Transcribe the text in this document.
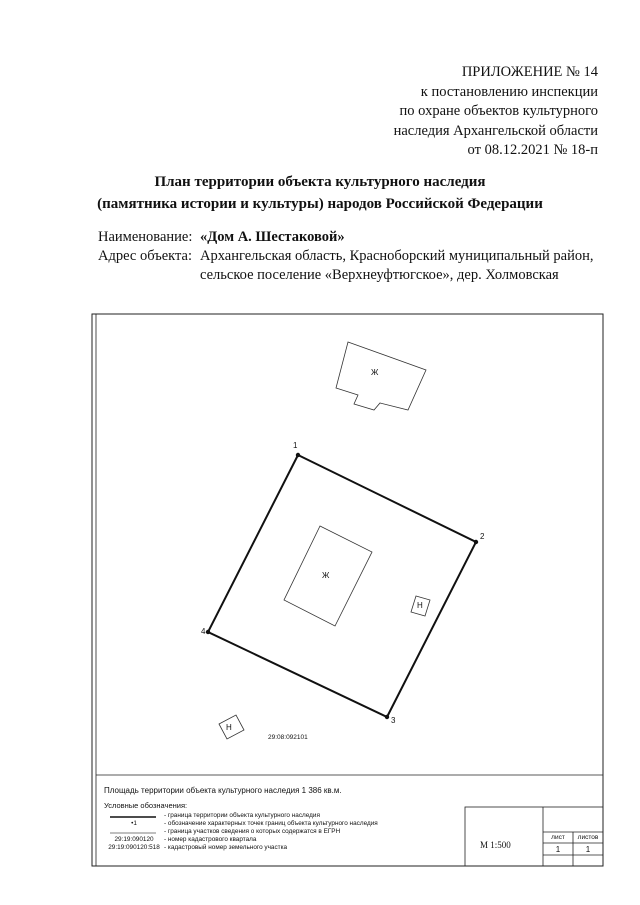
ПРИЛОЖЕНИЕ № 14
к постановлению инспекции
по охране объектов культурного
наследия Архангельской области
от 08.12.2021 № 18-п
План территории объекта культурного наследия
(памятника истории и культуры) народов Российской Федерации
Наименование: «Дом А. Шестаковой»
Адрес объекта: Архангельская область, Красноборский муниципальный район, сельское поселение «Верхнеуфтюгское», дер. Холмовская
1
2
3
4
Ж
Ж
Н
Н
29:08:092101
Площадь территории объекта культурного наследия 1 386 кв.м.
Условные обозначения:
- граница территории объекта культурного наследия
•1	- обозначение характерных точек границ объекта культурного наследия
- граница участков сведения о которых содержатся в ЕГРН
29:19:090120	- номер кадастрового квартала
29:19:090120:518 - кадастровый номер земельного участка	М 1:500
лист	листов
1	1
